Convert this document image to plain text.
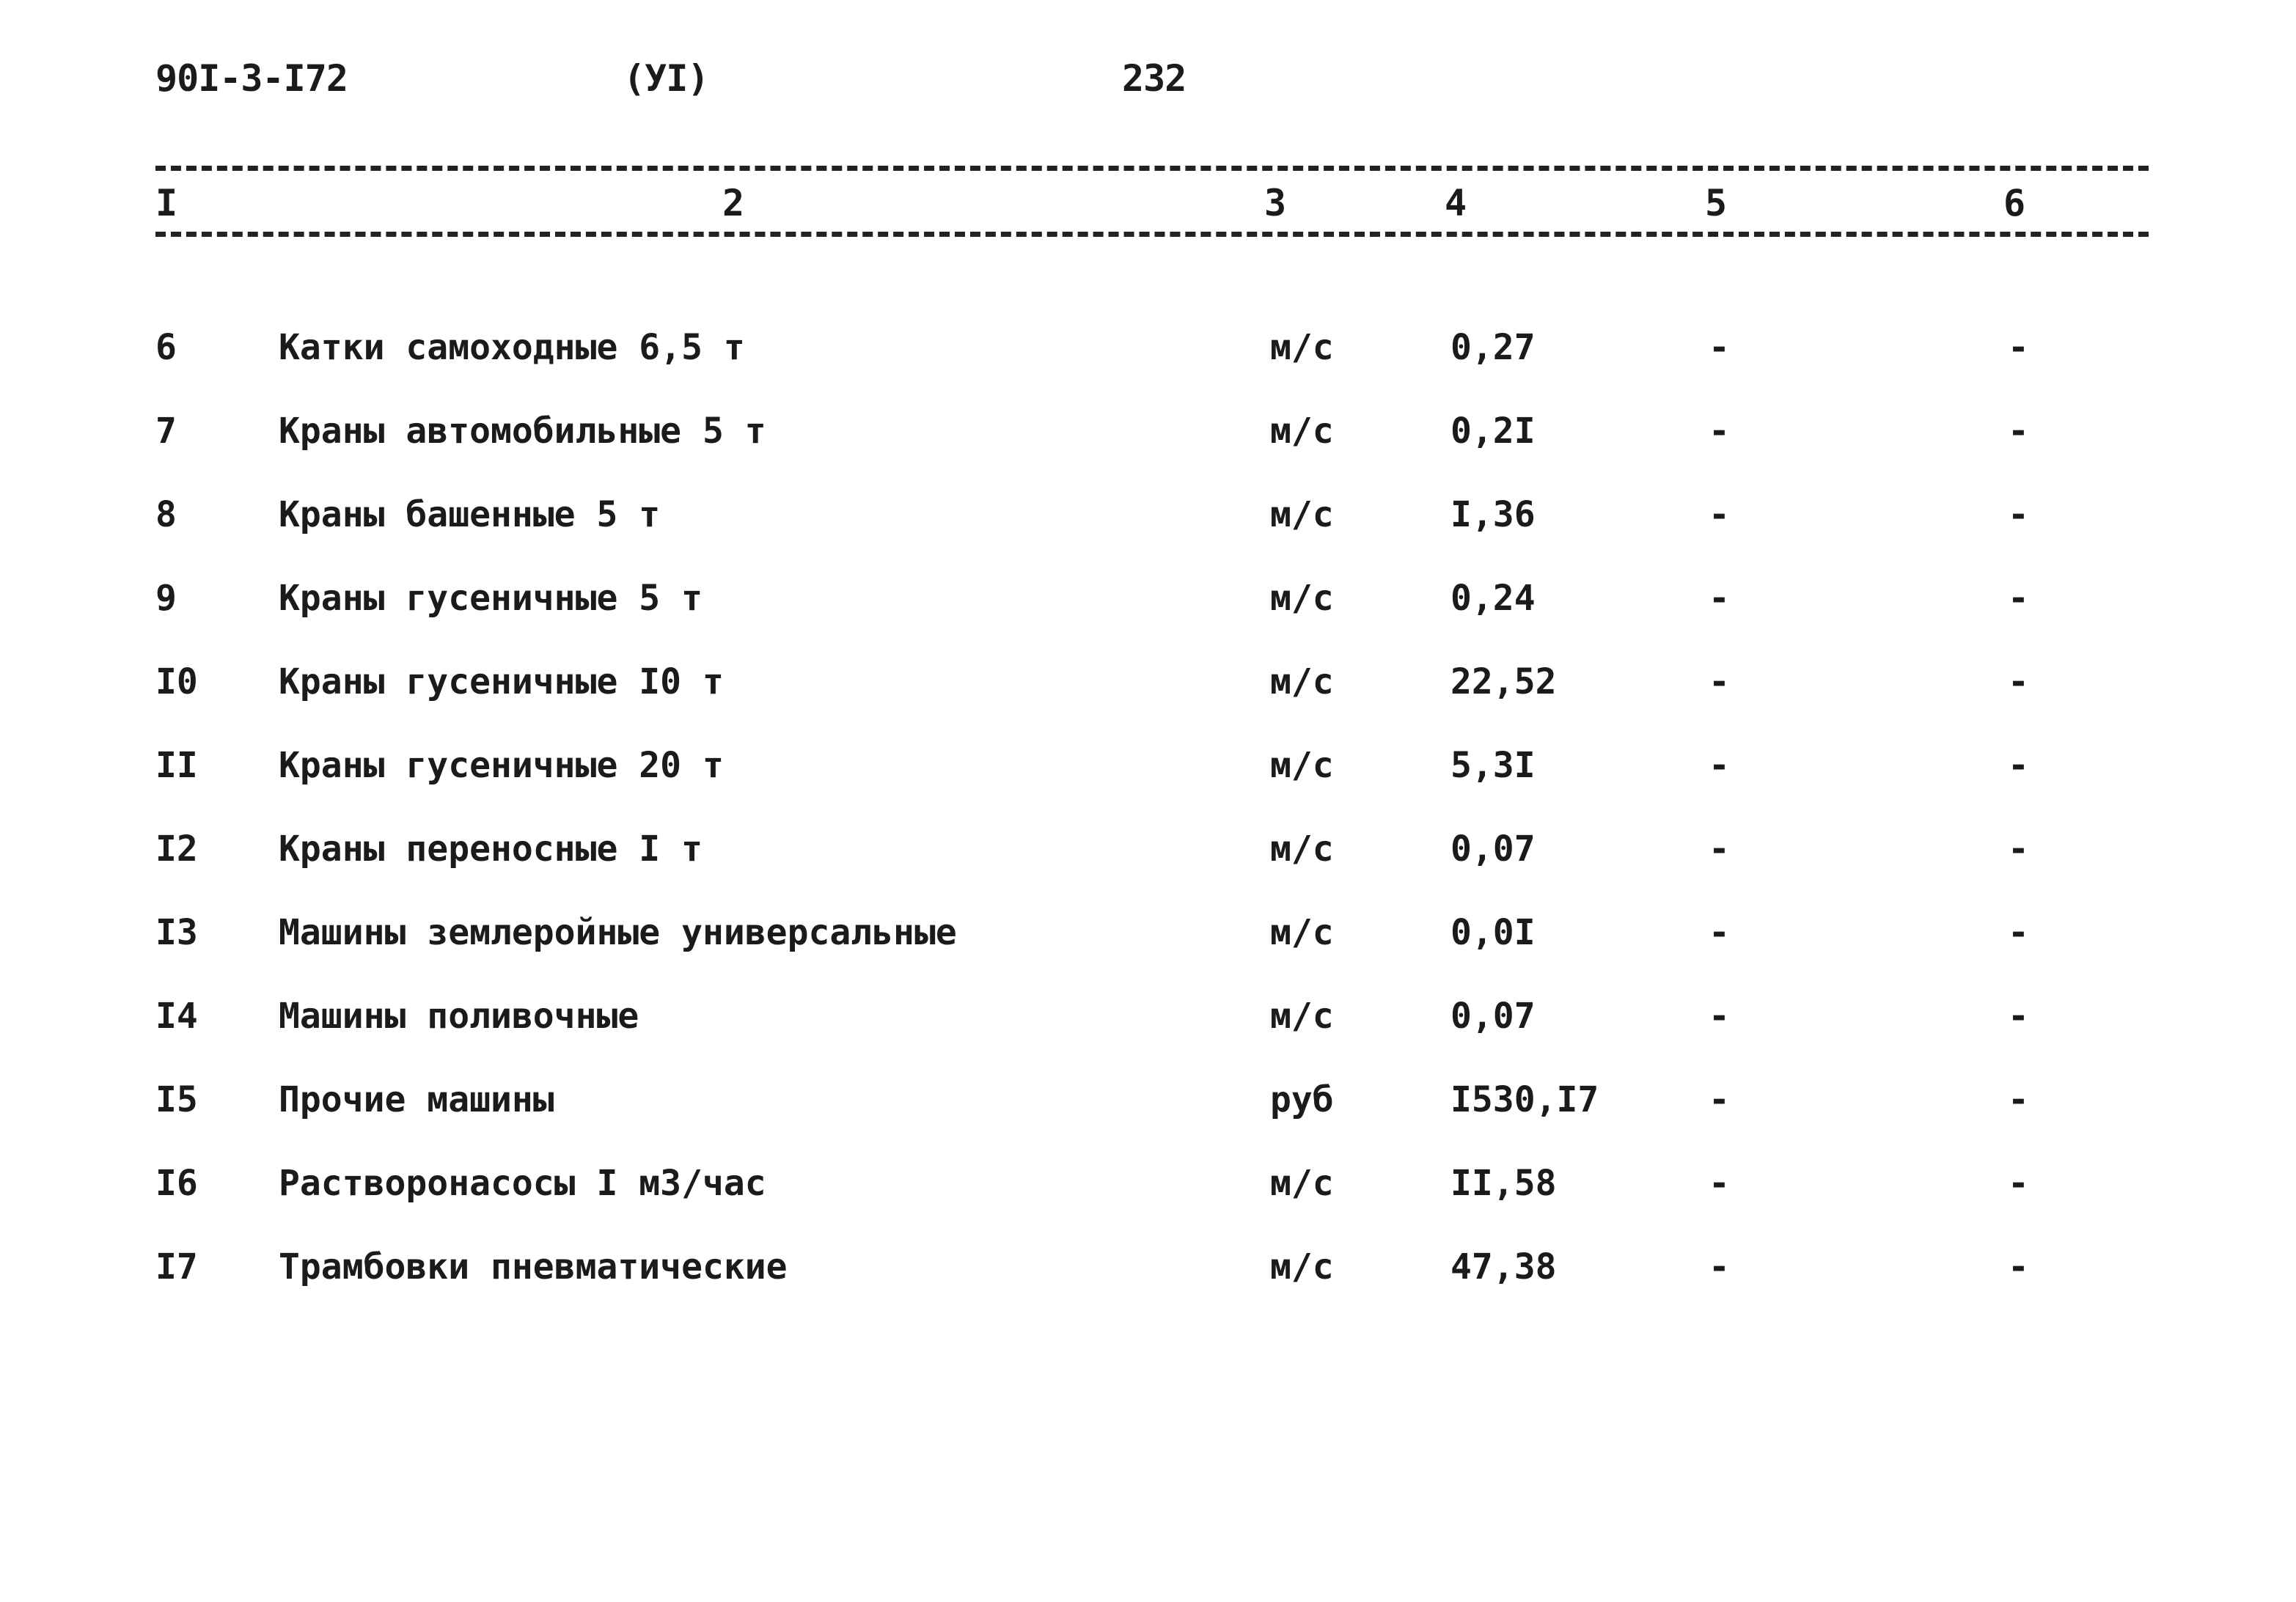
90I-3-I72	(УI)	232
I	2	3	4	5	6
6	Катки самоходные 6,5 т	м/с	0,27	-	-
7	Краны автомобильные 5 т	м/с	0,2I	-	-
8	Краны башенные 5 т	м/с	I,36	-	-
9	Краны гусеничные 5 т	м/с	0,24	-	-
I0 Краны гусеничные I0 т	м/с	22,52	-	-
II Краны гусеничные 20 т	м/с	5,3I	-	-
I2 Краны переносные I т	м/с	0,07	-	-
I3 Машины землеройные универсальные	м/с	0,0I	-	-
I4 Машины поливочные	м/с	0,07	-	-
I5 Прочие машины	руб	I530,I7	-	-
I6 Растворонасосы I м3/час	м/с	II,58	-	-
I7 Трамбовки пневматические	м/с	47,38	-	-
